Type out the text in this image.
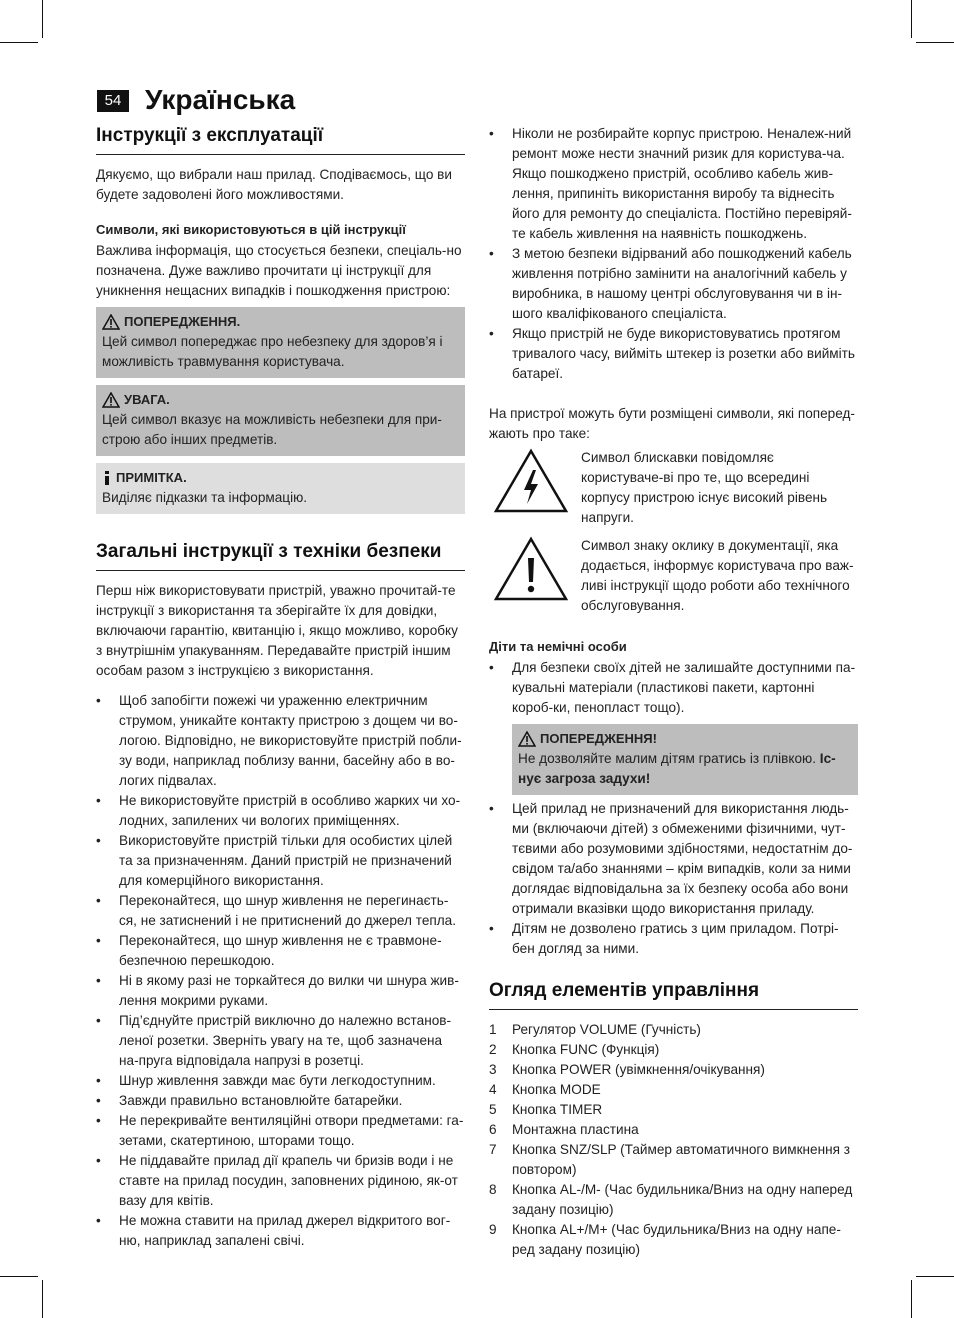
54 Українська
Інструкції з експлуатації

Дякуємо, що вибрали наш прилад. Сподіваємось, що ви будете задоволені його можливостями.

Символи, які використовуються в цій інструкції

Важлива інформація, що стосується безпеки, спеціаль-но позначена. Дуже важливо прочитати ці інструкції для уникнення нещасних випадків і пошкодження пристрою:

ПОПЕРЕДЖЕННЯ.
Цей символ попереджає про небезпеку для здоров’я і можливість травмування користувача.
УВАГА.
Цей символ вказує на можливість небезпеки для при-строю або інших предметів.
ПРИМІТКА.
Виділяє підказки та інформацію.
Загальні інструкції з техніки безпеки

Перш ніж використовувати пристрій, уважно прочитай-те інструкції з використання та зберігайте їх для довідки, включаючи гарантію, квитанцію і, якщо можливо, коробку з внутрішнім упакуванням. Передавайте пристрій іншим особам разом з інструкцією з використання.

• Щоб запобігти пожежі чи ураженню електричним струмом, уникайте контакту пристрою з дощем чи во-логою. Відповідно, не використовуйте пристрій побли-зу води, наприклад поблизу ванни, басейну або в во-логих підвалах.
• Не використовуйте пристрій в особливо жарких чи хо-лодних, запилених чи вологих приміщеннях.
• Використовуйте пристрій тільки для особистих цілей та за призначенням. Даний пристрій не призначений для комерційного використання.
• Переконайтеся, що шнур живлення не перегинаєть-ся, не затиснений і не притиснений до джерел тепла.
• Переконайтеся, що шнур живлення не є травмоне-безпечною перешкодою.
• Ні в якому разі не торкайтеся до вилки чи шнура жив-лення мокрими руками.
• Під’єднуйте пристрій виключно до належно встанов-леної розетки. Зверніть увагу на те, щоб зазначена на-пруга відповідала напрузі в розетці.
• Шнур живлення завжди має бути легкодоступним.
• Завжди правильно встановлюйте батарейки.
• Не перекривайте вентиляційні отвори предметами: га-зетами, скатертиною, шторами тощо.
• Не піддавайте прилад дії крапель чи бризів води і не ставте на прилад посудин, заповнених рідиною, як-от вазу для квітів.
• Не можна ставити на прилад джерел відкритого вог-ню, наприклад запалені свічі.
• Ніколи не розбирайте корпус пристрою. Неналеж-ний ремонт може нести значний ризик для користува-ча. Якщо пошкоджено пристрій, особливо кабель жив-лення, припиніть використання виробу та віднесіть його для ремонту до спеціаліста. Постійно перевіряй-те кабель живлення на наявність пошкоджень.
• З метою безпеки відірваний або пошкоджений кабель живлення потрібно замінити на аналогічний кабель у виробника, в нашому центрі обслуговування чи в ін-шого кваліфікованого спеціаліста.
• Якщо пристрій не буде використовуватись протягом тривалого часу, вийміть штекер із розетки або вийміть батареї.

На пристрої можуть бути розміщені символи, які поперед-жають про таке:

Символ блискавки повідомляє користуваче-ві про те, що всередині корпусу пристрою існує високий рівень напруги.

Символ знаку оклику в документації, яка додається, інформує користувача про важ-ливі інструкції щодо роботи або технічного обслуговування.

Діти та немічні особи

• Для безпеки своїх дітей не залишайте доступними па-кувальні матеріали (пластикові пакети, картонні короб-ки, пенопласт тощо).
ПОПЕРЕДЖЕННЯ!
Не дозволяйте малим дітям гратись із плівкою. Іс-нує загроза задухи!
• Цей прилад не призначений для використання людь-ми (включаючи дітей) з обмеженими фізичними, чут-тєвими або розумовими здібностями, недостатнім до-свідом та/або знаннями – крім випадків, коли за ними доглядає відповідальна за їх безпеку особа або вони отримали вказівки щодо використання приладу.
• Дітям не дозволено гратись з цим приладом. Потрі-бен догляд за ними.
Огляд елементів управління
1 Регулятор VOLUME (Гучність)
2 Кнопка FUNC (Функція)
3 Кнопка POWER (увімкнення/очікування)
4 Кнопка MODE
5 Кнопка TIMER
6 Монтажна пластина
7 Кнопка SNZ/SLP (Таймер автоматичного вимкнення з повтором)
8 Кнопка AL-/M- (Час будильника/Вниз на одну наперед задану позицію)
9 Кнопка AL+/M+ (Час будильника/Вниз на одну напе-ред задану позицію)
